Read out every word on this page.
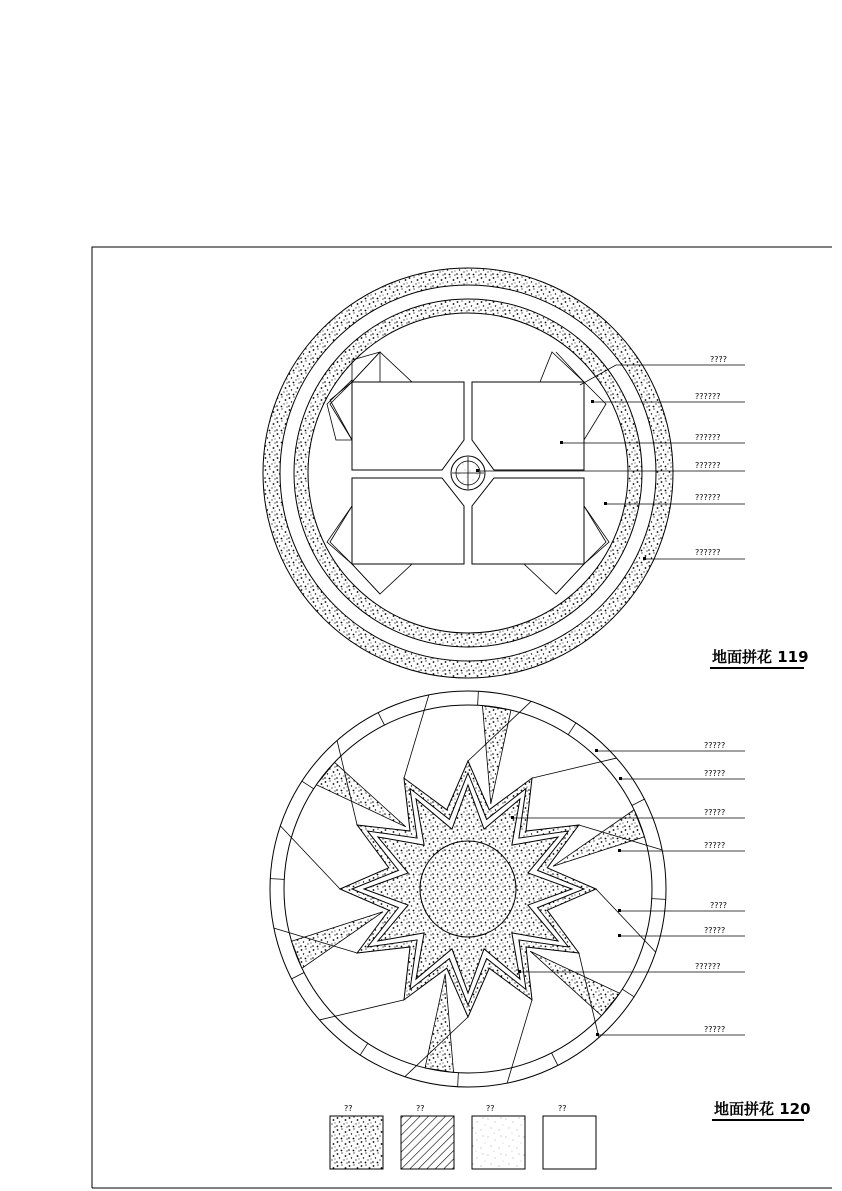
????
??????
??????
??????
??????
??????
地面拼花 119
?????
?????
?????
?????
????
?????
??????
?????
地面拼花 120
??	??	??	??
